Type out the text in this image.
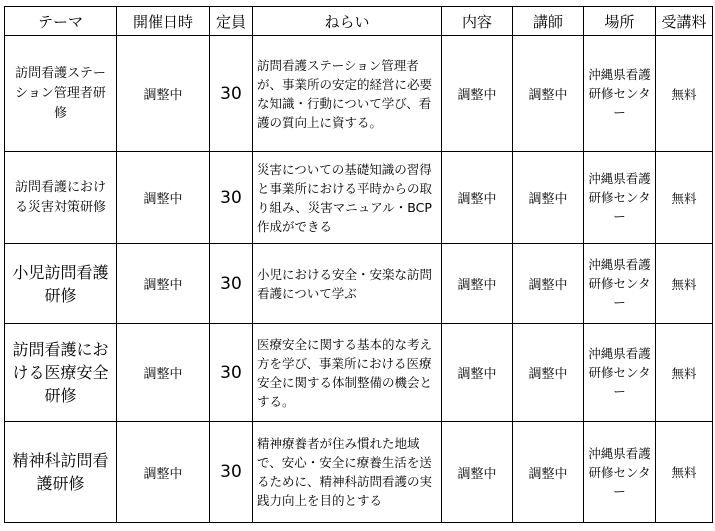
テーマ	開催日時	定員	ねらい	内容	講師	場所	受講料
訪問看護ステーション管理者研修	調整中	30	訪問看護ステーション管理者が、事業所の安定的経営に必要な知識・行動について学び、看護の質向上に資する。	調整中	調整中	沖縄県看護研修センター	無料
訪問看護における災害対策研修	調整中	30	災害についての基礎知識の習得と事業所における平時からの取り組み、災害マニュアル・BCP作成ができる	調整中	調整中	沖縄県看護研修センター	無料
小児訪問看護研修	調整中	30	小児における安全・安楽な訪問看護について学ぶ	調整中	調整中	沖縄県看護研修センター	無料
訪問看護における医療安全研修	調整中	30	医療安全に関する基本的な考え方を学び、事業所における医療安全に関する体制整備の機会とする。	調整中	調整中	沖縄県看護研修センター	無料
精神科訪問看護研修	調整中	30	精神療養者が住み慣れた地域で、安心・安全に療養生活を送るために、精神科訪問看護の実践力向上を目的とする	調整中	調整中	沖縄県看護研修センター	無料
